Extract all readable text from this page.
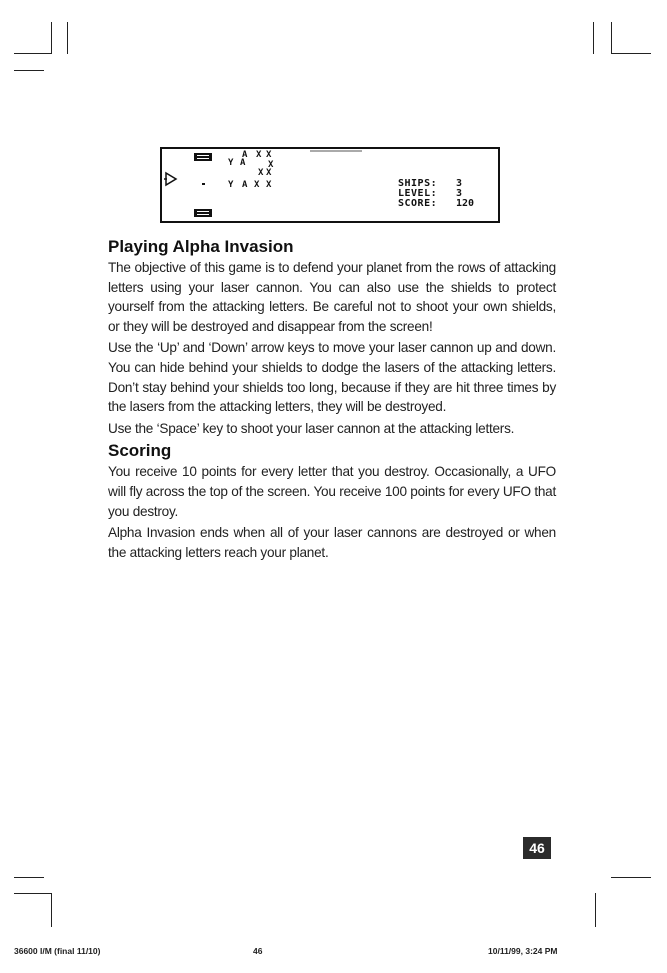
A X X
Y A	X
X X
Y A X X	SHIPS:	3
LEVEL:	3
SCORE:	120
Playing Alpha Invasion

The objective of this game is to defend your planet from the rows of attacking letters using your laser cannon. You can also use the shields to protect yourself from the attacking letters. Be careful not to shoot your own shields, or they will be destroyed and disappear from the screen!

Use the ‘Up’ and ‘Down’ arrow keys to move your laser cannon up and down. You can hide behind your shields to dodge the lasers of the attacking letters. Don’t stay behind your shields too long, because if they are hit three times by the lasers from the attacking letters, they will be destroyed.

Use the ‘Space’ key to shoot your laser cannon at the attacking letters.

Scoring

You receive 10 points for every letter that you destroy. Occasionally, a UFO will fly across the top of the screen. You receive 100 points for every UFO that you destroy.

Alpha Invasion ends when all of your laser cannons are destroyed or when the attacking letters reach your planet.

46
36600 I/M (final 11/10)	46	10/11/99, 3:24 PM
